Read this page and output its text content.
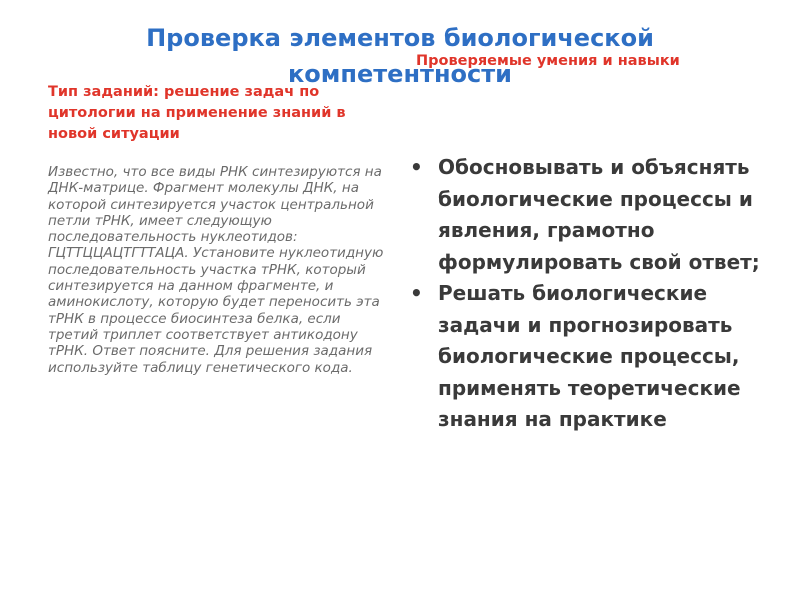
Проверка элементов биологической компетентности
Проверяемые умения и навыки
Тип заданий: решение задач по цитологии на применение знаний в новой ситуации

Известно, что все виды РНК синтезируются на ДНК-матрице. Фрагмент молекулы ДНК, на которой синтезируется участок центральной петли тРНК, имеет следующую последовательность нуклеотидов: ГЦТТЦЦАЦТГТТАЦА. Установите нуклеотидную последовательность участка тРНК, который синтезируется на данном фрагменте, и аминокислоту, которую будет переносить эта тРНК в процессе биосинтеза белка, если третий триплет соответствует антикодону тРНК. Ответ поясните. Для решения задания используйте таблицу генетического кода.

• Обосновывать и объяснять биологические процессы и явления, грамотно формулировать свой ответ;
• Решать биологические задачи и прогнозировать биологические процессы, применять теоретические знания на практике
